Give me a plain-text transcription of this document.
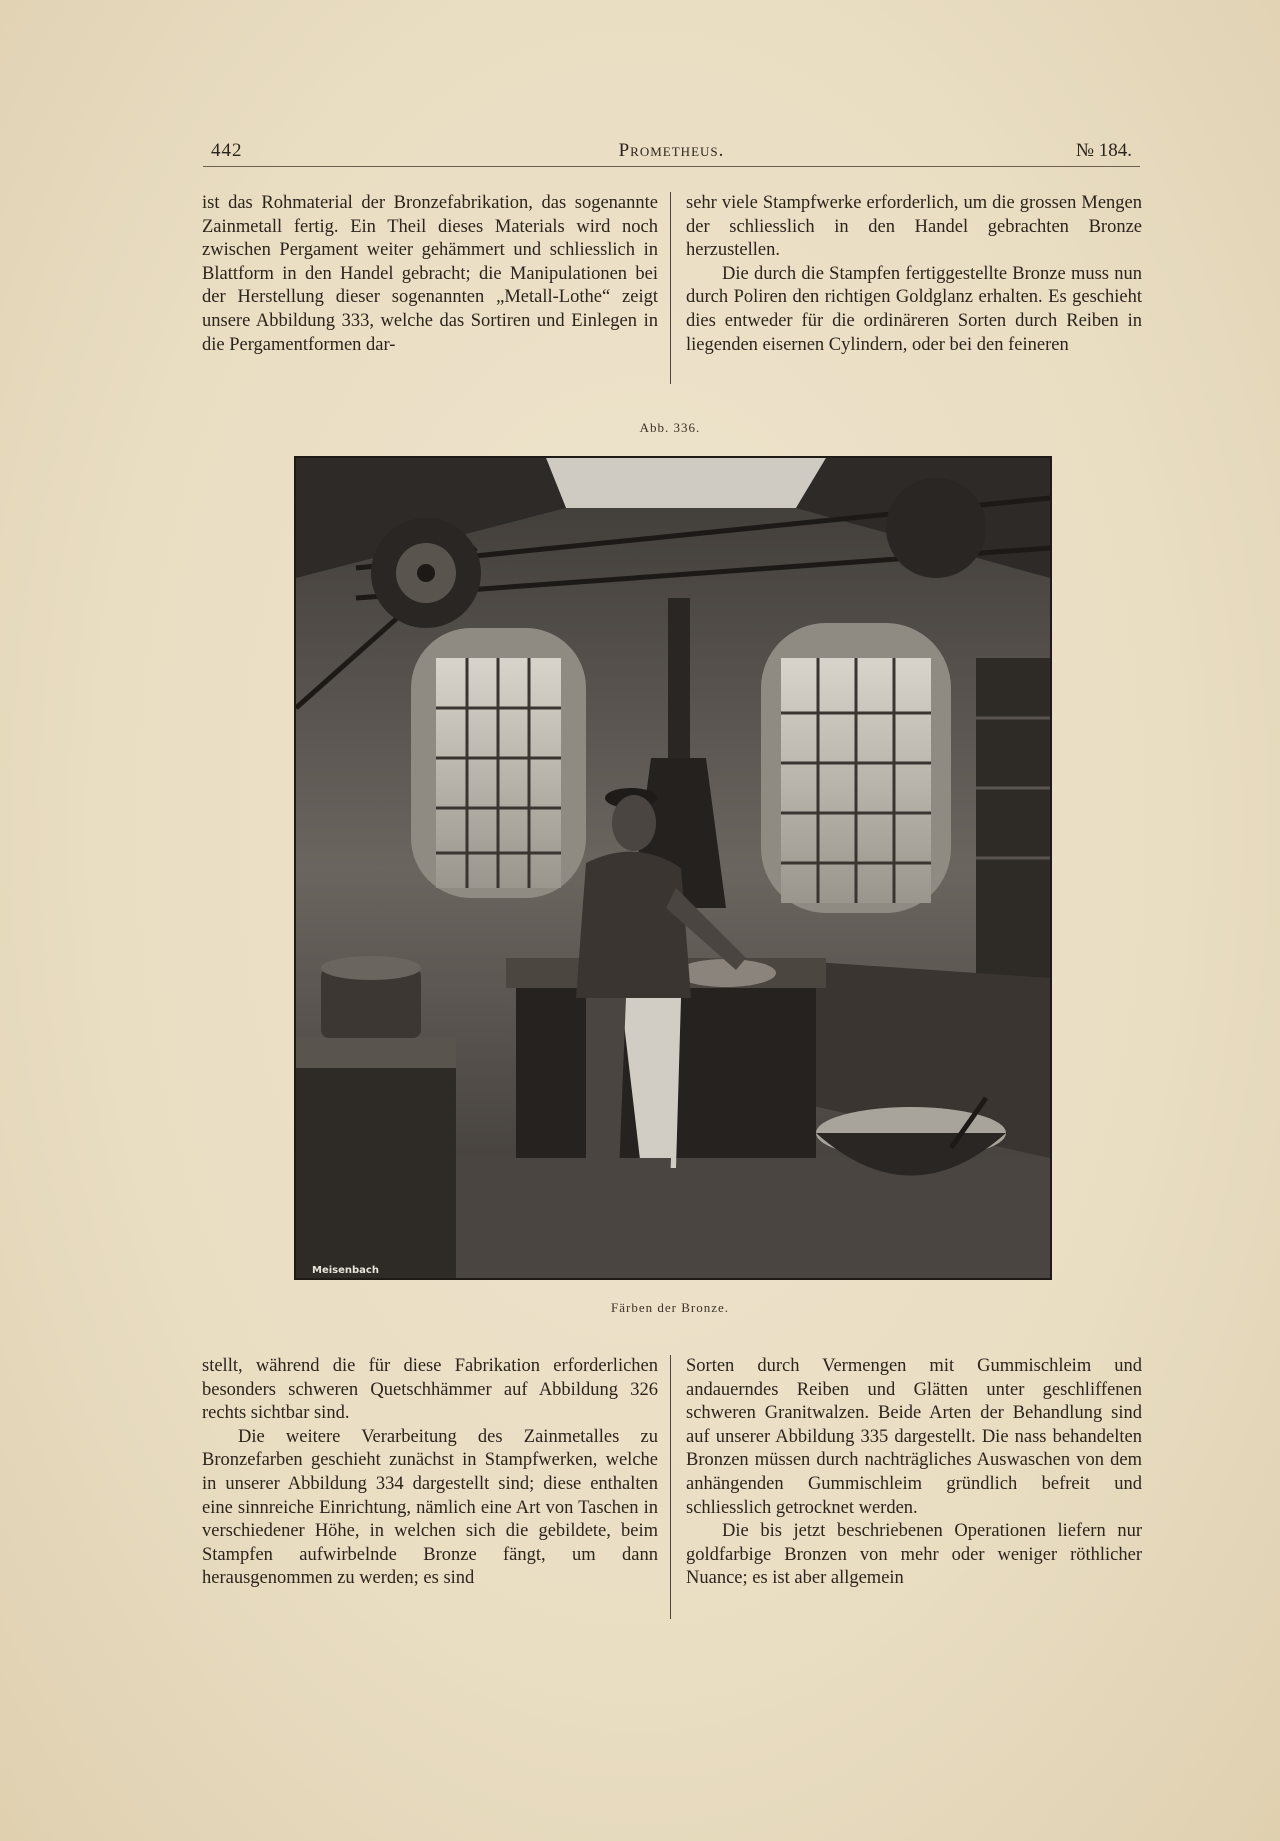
442	Prometheus.	№ 184.

ist das Rohmaterial der Bronzefabrikation, das sogenannte Zainmetall fertig. Ein Theil dieses Materials wird noch zwischen Pergament weiter gehämmert und schliesslich in Blattform in den Handel gebracht; die Manipulationen bei der Herstellung dieser sogenannten „Metall-Lothe“ zeigt unsere Abbildung 333, welche das Sortiren und Einlegen in die Pergamentformen dar-

sehr viele Stampfwerke erforderlich, um die grossen Mengen der schliesslich in den Handel gebrachten Bronze herzustellen.

Die durch die Stampfen fertiggestellte Bronze muss nun durch Poliren den richtigen Goldglanz erhalten. Es geschieht dies entweder für die ordinäreren Sorten durch Reiben in liegenden eisernen Cylindern, oder bei den feineren

Abb. 336.
Meisenbach
Färben der Bronze.

stellt, während die für diese Fabrikation erforderlichen besonders schweren Quetschhämmer auf Abbildung 326 rechts sichtbar sind.

Die weitere Verarbeitung des Zainmetalles zu Bronzefarben geschieht zunächst in Stampfwerken, welche in unserer Abbildung 334 dargestellt sind; diese enthalten eine sinnreiche Einrichtung, nämlich eine Art von Taschen in verschiedener Höhe, in welchen sich die gebildete, beim Stampfen aufwirbelnde Bronze fängt, um dann herausgenommen zu werden; es sind

Sorten durch Vermengen mit Gummischleim und andauerndes Reiben und Glätten unter geschliffenen schweren Granitwalzen. Beide Arten der Behandlung sind auf unserer Abbildung 335 dargestellt. Die nass behandelten Bronzen müssen durch nachträgliches Auswaschen von dem anhängenden Gummischleim gründlich befreit und schliesslich getrocknet werden.

Die bis jetzt beschriebenen Operationen liefern nur goldfarbige Bronzen von mehr oder weniger röthlicher Nuance; es ist aber allgemein
